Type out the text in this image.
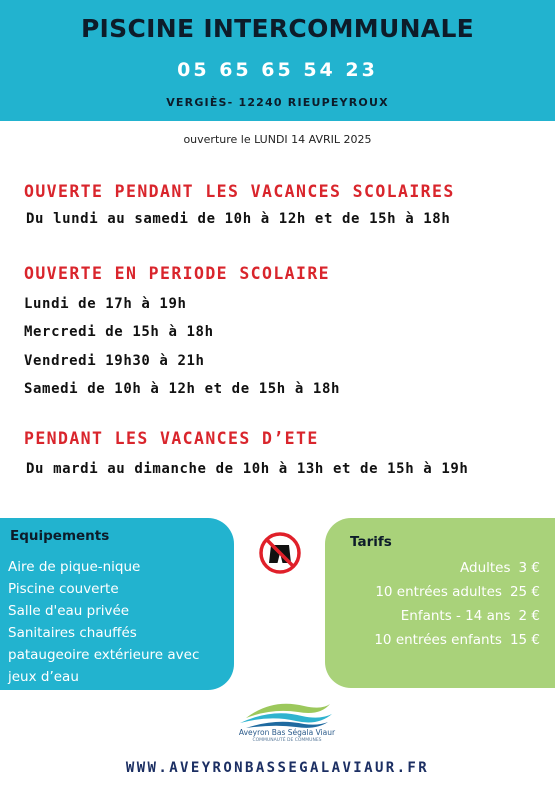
PISCINE INTERCOMMUNALE
05 65 65 54 23
VERGIÈS- 12240 RIEUPEYROUX
ouverture le LUNDI 14 AVRIL 2025
OUVERTE PENDANT LES VACANCES SCOLAIRES
Du lundi au samedi de 10h à 12h et de 15h à 18h
OUVERTE EN PERIODE SCOLAIRE
Lundi de 17h à 19h
Mercredi de 15h à 18h
Vendredi 19h30 à 21h
Samedi de 10h à 12h et de 15h à 18h
PENDANT LES VACANCES D’ETE
Du mardi au dimanche de 10h à 13h et de 15h à 19h
Equipements
Aire de pique-nique
Piscine couverte
Salle d'eau privée
Sanitaires chauffés
pataugeoire extérieure avec jeux d’eau
Tarifs
Adultes 3 €
10 entrées adultes 25 €
Enfants - 14 ans 2 €
10 entrées enfants 15 €
Aveyron Bas Ségala Viaur
COMMUNAUTÉ DE COMMUNES
WWW.AVEYRONBASSEGALAVIAUR.FR
